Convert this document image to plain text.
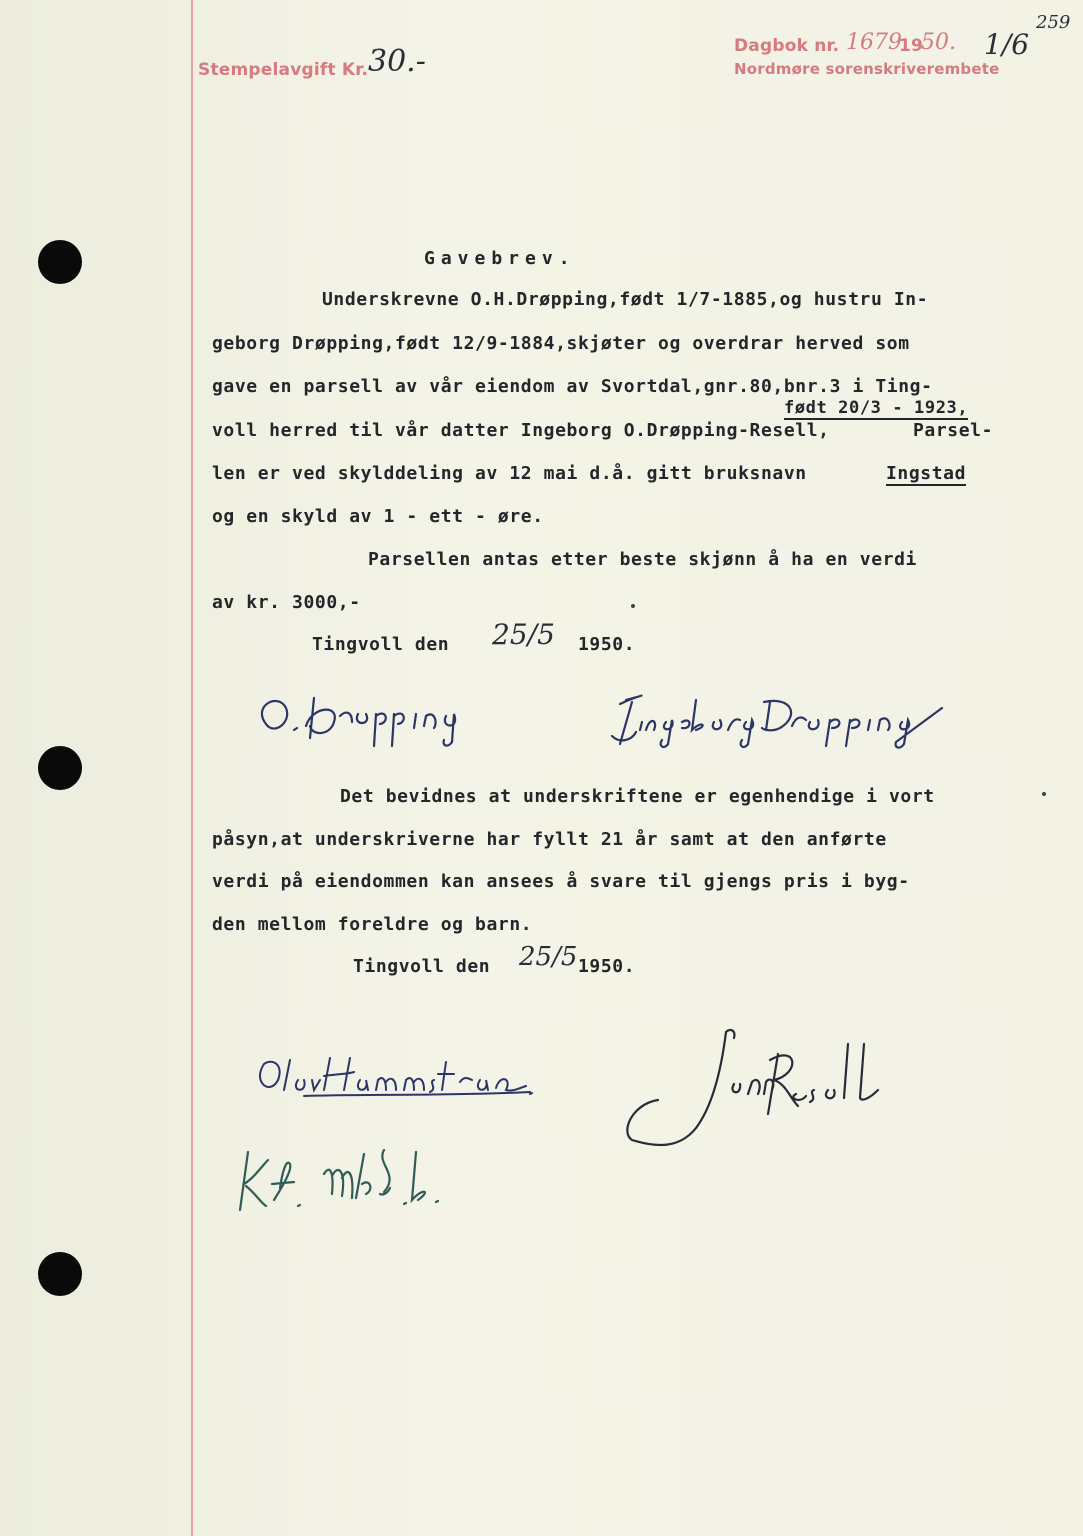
Stempelavgift Kr. 30.-	Dagbok nr. 1679
19
50. 1/6
259
Nordmøre sorenskriverembete
Gavebrev.
Underskrevne O.H.Drøpping,født 1/7-1885,og hustru In-
geborg Drøpping,født 12/9-1884,skjøter og overdrar herved som
gave en parsell av vår eiendom av Svortdal,gnr.80,bnr.3 i Ting-
født 20/3 - 1923,
voll herred til vår datter Ingeborg O.Drøpping-Resell,	Parsel-
len er ved skylddeling av 12 mai d.å. gitt bruksnavn	Ingstad
og en skyld av 1 - ett - øre.
Parsellen antas etter beste skjønn å ha en verdi
av kr. 3000,-
Tingvoll den 25/5 1950.
Det bevidnes at underskriftene er egenhendige i vort
påsyn,at underskriverne har fyllt 21 år samt at den anførte
verdi på eiendommen kan ansees å svare til gjengs pris i byg-
den mellom foreldre og barn.
Tingvoll den 25/5 1950.
